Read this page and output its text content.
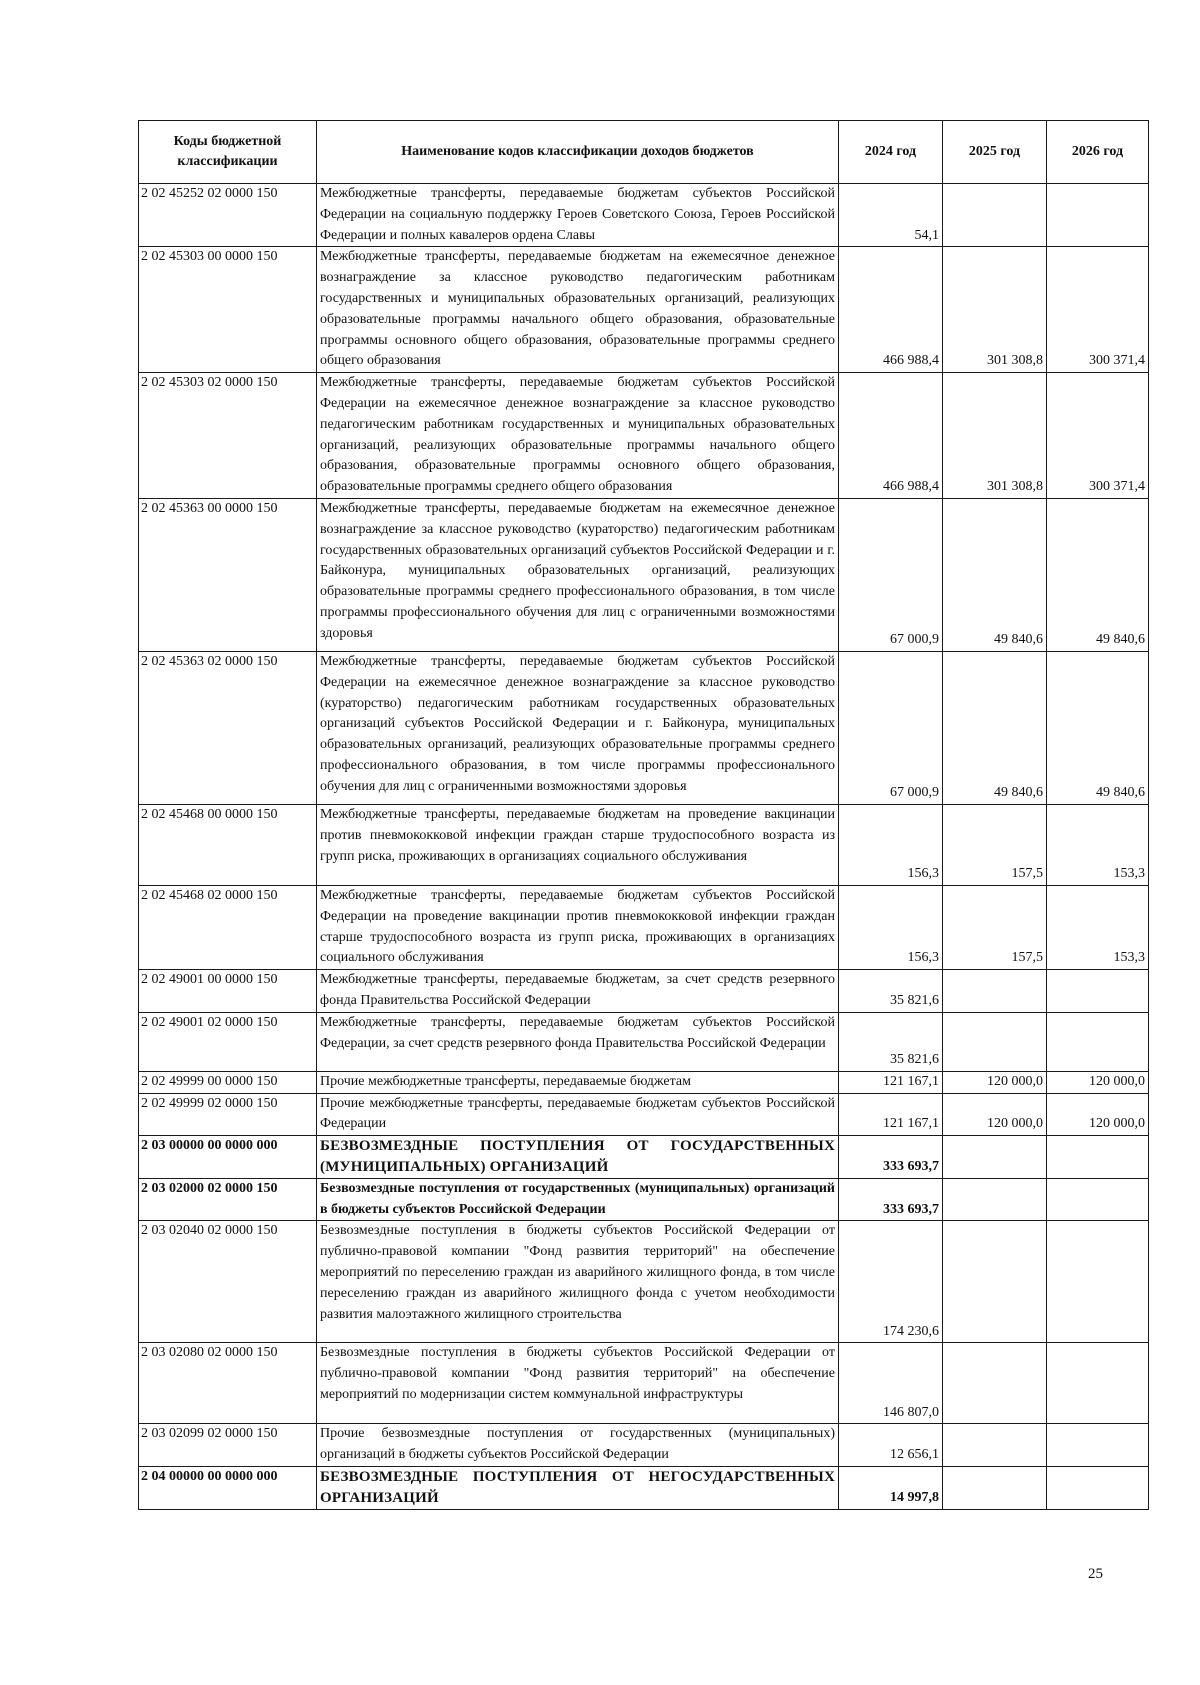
Коды бюджетной классификации	Наименование кодов классификации доходов бюджетов	2024 год	2025 год	2026 год
2 02 45252 02 0000 150	Межбюджетные трансферты, передаваемые бюджетам субъектов Российской Федерации на социальную поддержку Героев Советского Союза, Героев Российской Федерации и полных кавалеров ордена Славы	54,1		
2 02 45303 00 0000 150	Межбюджетные трансферты, передаваемые бюджетам на ежемесячное денежное вознаграждение за классное руководство педагогическим работникам государственных и муниципальных образовательных организаций, реализующих образовательные программы начального общего образования, образовательные программы основного общего образования, образовательные программы среднего общего образования	466 988,4	301 308,8	300 371,4
2 02 45303 02 0000 150	Межбюджетные трансферты, передаваемые бюджетам субъектов Российской Федерации на ежемесячное денежное вознаграждение за классное руководство педагогическим работникам государственных и муниципальных образовательных организаций, реализующих образовательные программы начального общего образования, образовательные программы основного общего образования, образовательные программы среднего общего образования	466 988,4	301 308,8	300 371,4
2 02 45363 00 0000 150	Межбюджетные трансферты, передаваемые бюджетам на ежемесячное денежное вознаграждение за классное руководство (кураторство) педагогическим работникам государственных образовательных организаций субъектов Российской Федерации и г. Байконура, муниципальных образовательных организаций, реализующих образовательные программы среднего профессионального образования, в том числе программы профессионального обучения для лиц с ограниченными возможностями здоровья	67 000,9	49 840,6	49 840,6
2 02 45363 02 0000 150	Межбюджетные трансферты, передаваемые бюджетам субъектов Российской Федерации на ежемесячное денежное вознаграждение за классное руководство (кураторство) педагогическим работникам государственных образовательных организаций субъектов Российской Федерации и г. Байконура, муниципальных образовательных организаций, реализующих образовательные программы среднего профессионального образования, в том числе программы профессионального обучения для лиц с ограниченными возможностями здоровья	67 000,9	49 840,6	49 840,6
2 02 45468 00 0000 150	Межбюджетные трансферты, передаваемые бюджетам на проведение вакцинации против пневмококковой инфекции граждан старше трудоспособного возраста из групп риска, проживающих в организациях социального обслуживания	156,3	157,5	153,3
2 02 45468 02 0000 150	Межбюджетные трансферты, передаваемые бюджетам субъектов Российской Федерации на проведение вакцинации против пневмококковой инфекции граждан старше трудоспособного возраста из групп риска, проживающих в организациях социального обслуживания	156,3	157,5	153,3
2 02 49001 00 0000 150	Межбюджетные трансферты, передаваемые бюджетам, за счет средств резервного фонда Правительства Российской Федерации	35 821,6		
2 02 49001 02 0000 150	Межбюджетные трансферты, передаваемые бюджетам субъектов Российской Федерации, за счет средств резервного фонда Правительства Российской Федерации	35 821,6		
2 02 49999 00 0000 150	Прочие межбюджетные трансферты, передаваемые бюджетам	121 167,1	120 000,0	120 000,0
2 02 49999 02 0000 150	Прочие межбюджетные трансферты, передаваемые бюджетам субъектов Российской Федерации	121 167,1	120 000,0	120 000,0
2 03 00000 00 0000 000	БЕЗВОЗМЕЗДНЫЕ ПОСТУПЛЕНИЯ ОТ ГОСУДАРСТВЕННЫХ (МУНИЦИПАЛЬНЫХ) ОРГАНИЗАЦИЙ	333 693,7		
2 03 02000 02 0000 150	Безвозмездные поступления от государственных (муниципальных) организаций в бюджеты субъектов Российской Федерации	333 693,7		
2 03 02040 02 0000 150	Безвозмездные поступления в бюджеты субъектов Российской Федерации от публично-правовой компании "Фонд развития территорий" на обеспечение мероприятий по переселению граждан из аварийного жилищного фонда, в том числе переселению граждан из аварийного жилищного фонда с учетом необходимости развития малоэтажного жилищного строительства	174 230,6		
2 03 02080 02 0000 150	Безвозмездные поступления в бюджеты субъектов Российской Федерации от публично-правовой компании "Фонд развития территорий" на обеспечение мероприятий по модернизации систем коммунальной инфраструктуры	146 807,0		
2 03 02099 02 0000 150	Прочие безвозмездные поступления от государственных (муниципальных) организаций в бюджеты субъектов Российской Федерации	12 656,1		
2 04 00000 00 0000 000	БЕЗВОЗМЕЗДНЫЕ ПОСТУПЛЕНИЯ ОТ НЕГОСУДАРСТВЕННЫХ ОРГАНИЗАЦИЙ	14 997,8		
25
